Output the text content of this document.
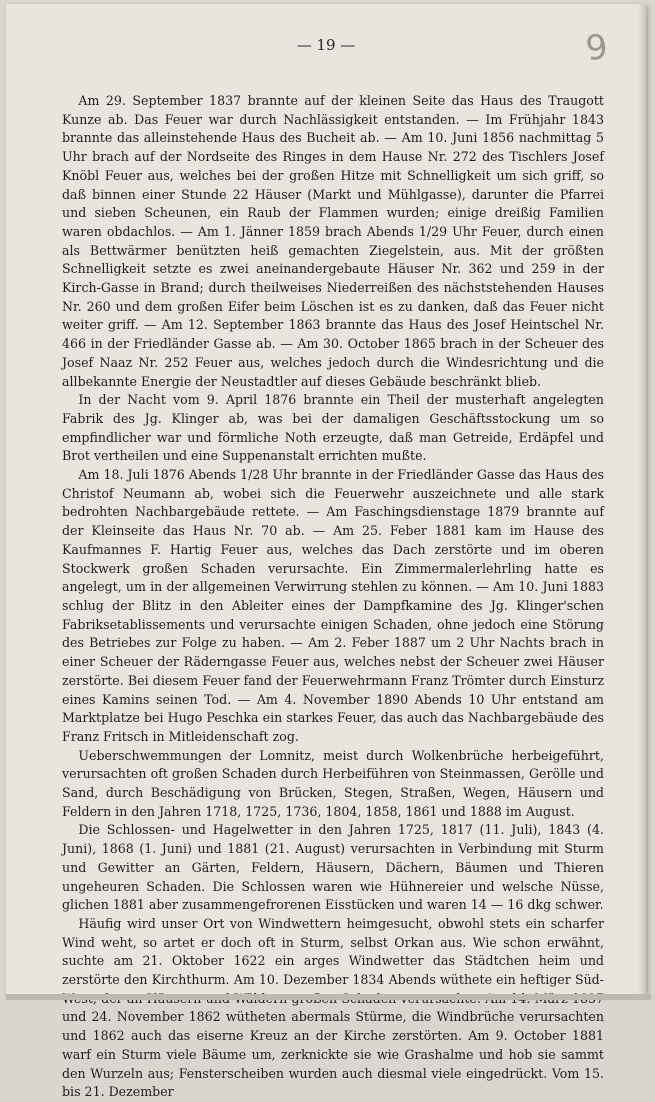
— 19 —	9

Am 29. September 1837 brannte auf der kleinen Seite das Haus des Traugott Kunze ab. Das Feuer war durch Nachlässigkeit entstanden. — Im Frühjahr 1843 brannte das alleinstehende Haus des Bucheit ab. — Am 10. Juni 1856 nachmittag 5 Uhr brach auf der Nordseite des Ringes in dem Hause Nr. 272 des Tischlers Josef Knöbl Feuer aus, welches bei der großen Hitze mit Schnelligkeit um sich griff, so daß binnen einer Stunde 22 Häuser (Markt und Mühlgasse), darunter die Pfarrei und sieben Scheunen, ein Raub der Flammen wurden; einige dreißig Familien waren obdachlos. — Am 1. Jänner 1859 brach Abends 1/29 Uhr Feuer, durch einen als Bettwärmer benützten heiß gemachten Ziegelstein, aus. Mit der größten Schnelligkeit setzte es zwei aneinandergebaute Häuser Nr. 362 und 259 in der Kirch-Gasse in Brand; durch theilweises Niederreißen des nächststehenden Hauses Nr. 260 und dem großen Eifer beim Löschen ist es zu danken, daß das Feuer nicht weiter griff. — Am 12. September 1863 brannte das Haus des Josef Heintschel Nr. 466 in der Friedländer Gasse ab. — Am 30. October 1865 brach in der Scheuer des Josef Naaz Nr. 252 Feuer aus, welches jedoch durch die Windesrichtung und die allbekannte Energie der Neustadtler auf dieses Gebäude beschränkt blieb.

In der Nacht vom 9. April 1876 brannte ein Theil der musterhaft angelegten Fabrik des Jg. Klinger ab, was bei der damaligen Geschäftsstockung um so empfindlicher war und förmliche Noth erzeugte, daß man Getreide, Erdäpfel und Brot vertheilen und eine Suppenanstalt errichten mußte.

Am 18. Juli 1876 Abends 1/28 Uhr brannte in der Friedländer Gasse das Haus des Christof Neumann ab, wobei sich die Feuerwehr auszeichnete und alle stark bedrohten Nachbargebäude rettete. — Am Faschingsdienstage 1879 brannte auf der Kleinseite das Haus Nr. 70 ab. — Am 25. Feber 1881 kam im Hause des Kaufmannes F. Hartig Feuer aus, welches das Dach zerstörte und im oberen Stockwerk großen Schaden verursachte. Ein Zimmermalerlehrling hatte es angelegt, um in der allgemeinen Verwirrung stehlen zu können. — Am 10. Juni 1883 schlug der Blitz in den Ableiter eines der Dampfkamine des Jg. Klinger'schen Fabriksetablissements und verursachte einigen Schaden, ohne jedoch eine Störung des Betriebes zur Folge zu haben. — Am 2. Feber 1887 um 2 Uhr Nachts brach in einer Scheuer der Räderngasse Feuer aus, welches nebst der Scheuer zwei Häuser zerstörte. Bei diesem Feuer fand der Feuerwehrmann Franz Trömter durch Einsturz eines Kamins seinen Tod. — Am 4. November 1890 Abends 10 Uhr entstand am Marktplatze bei Hugo Peschka ein starkes Feuer, das auch das Nachbargebäude des Franz Fritsch in Mitleidenschaft zog.

Ueberschwemmungen der Lomnitz, meist durch Wolkenbrüche herbeigeführt, verursachten oft großen Schaden durch Herbeiführen von Steinmassen, Gerölle und Sand, durch Beschädigung von Brücken, Stegen, Straßen, Wegen, Häusern und Feldern in den Jahren 1718, 1725, 1736, 1804, 1858, 1861 und 1888 im August.

Die Schlossen- und Hagelwetter in den Jahren 1725, 1817 (11. Juli), 1843 (4. Juni), 1868 (1. Juni) und 1881 (21. August) verursachten in Verbindung mit Sturm und Gewitter an Gärten, Feldern, Häusern, Dächern, Bäumen und Thieren ungeheuren Schaden. Die Schlossen waren wie Hühnereier und welsche Nüsse, glichen 1881 aber zusammengefrorenen Eisstücken und waren 14 — 16 dkg schwer.

Häufig wird unser Ort von Windwettern heimgesucht, obwohl stets ein scharfer Wind weht, so artet er doch oft in Sturm, selbst Orkan aus. Wie schon erwähnt, suchte am 21. Oktober 1622 ein arges Windwetter das Städtchen heim und zerstörte den Kirchthurm. Am 10. Dezember 1834 Abends wüthete ein heftiger Süd- und 24. November 1862 wütheten abermals Stürme, die Windbrüche verursachten und 1862 auch das eiserne Kreuz an der Kirche zerstörten. Am 9. October 1881 warf ein Sturm viele Bäume um, zerknickte sie wie Grashalme und hob sie sammt den Wurzeln aus; Fensterscheiben wurden auch diesmal viele eingedrückt. Vom 15. bis 21. Dezember
